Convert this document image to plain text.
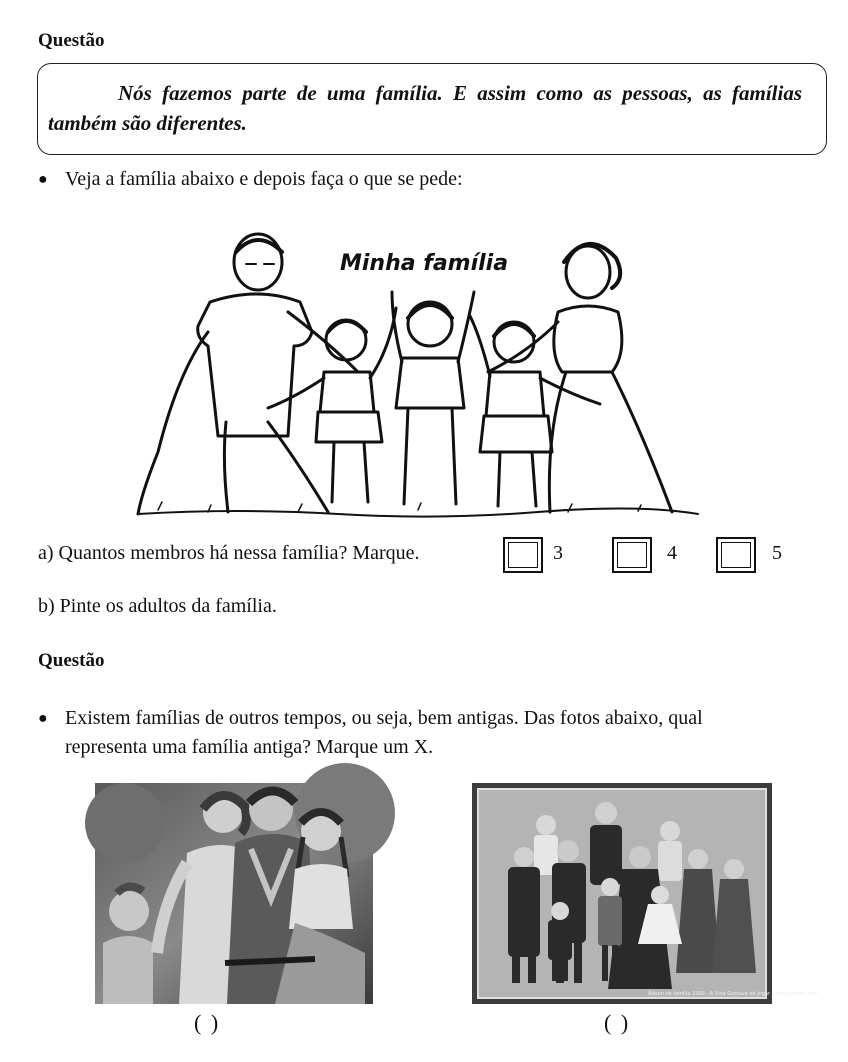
Questão
Nós fazemos parte de uma família. E assim como as pessoas, as famílias também são diferentes.
● Veja a família abaixo e depois faça o que se pede:
Minha família
a) Quantos membros há nessa família? Marque.	3	4	5
b) Pinte os adultos da família.
Questão
● Existem famílias de outros tempos, ou seja, bem antigas. Das fotos abaixo, qual
representa uma família antiga? Marque um X.
Álbum de família 1900 - A Vida Gostava de Jogar - www.gamefr.com
( )	( )
